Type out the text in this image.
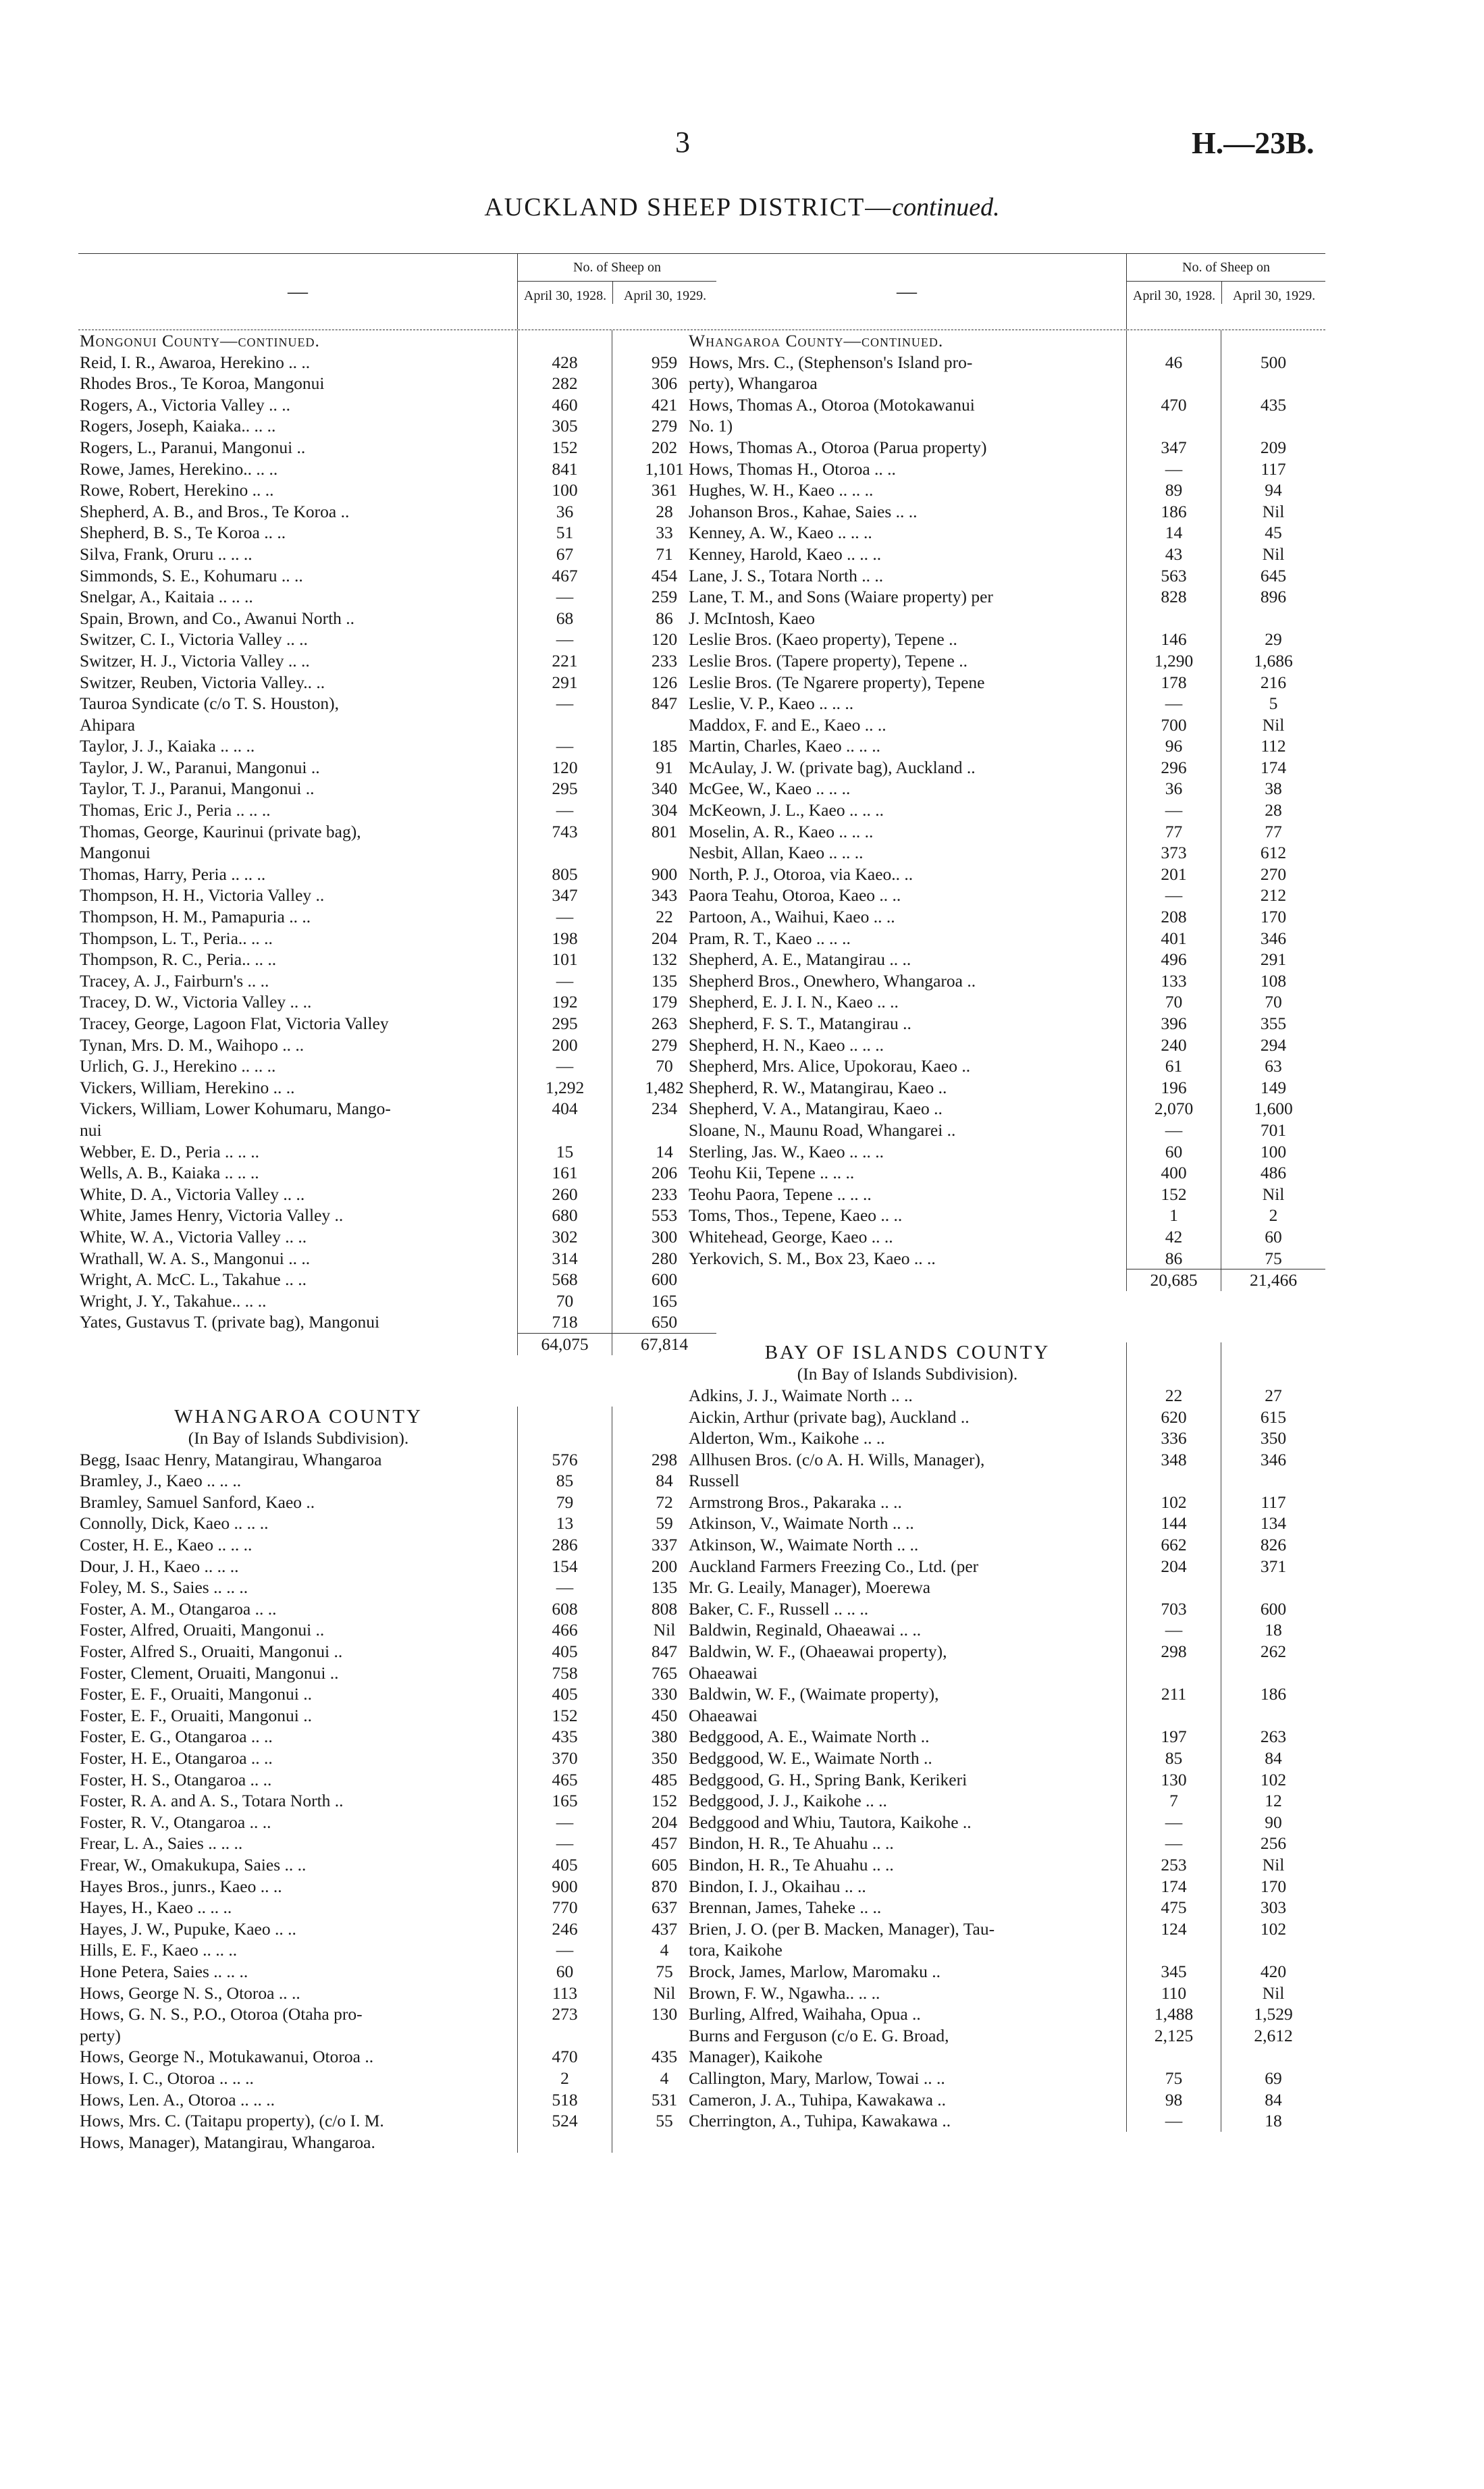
3	H.—23B.
AUCKLAND SHEEP DISTRICT—continued.
—
No. of Sheep on
April 30, 1928.	April 30, 1929.
Mongonui County—continued.
Reid, I. R., Awaroa, Herekino .. ..	428	959
Rhodes Bros., Te Koroa, Mangonui	282	306
Rogers, A., Victoria Valley .. ..	460	421
Rogers, Joseph, Kaiaka.. .. ..	305	279
Rogers, L., Paranui, Mangonui ..	152	202
Rowe, James, Herekino.. .. ..	841	1,101
Rowe, Robert, Herekino .. ..	100	361
Shepherd, A. B., and Bros., Te Koroa ..	36	28
Shepherd, B. S., Te Koroa .. ..	51	33
Silva, Frank, Oruru .. .. ..	67	71
Simmonds, S. E., Kohumaru .. ..	467	454
Snelgar, A., Kaitaia .. .. ..	—	259
Spain, Brown, and Co., Awanui North ..	68	86
Switzer, C. I., Victoria Valley .. ..	—	120
Switzer, H. J., Victoria Valley .. ..	221	233
Switzer, Reuben, Victoria Valley.. ..	291	126
Tauroa Syndicate (c/o T. S. Houston),	—	847
Ahipara
Taylor, J. J., Kaiaka .. .. ..	—	185
Taylor, J. W., Paranui, Mangonui ..	120	91
Taylor, T. J., Paranui, Mangonui ..	295	340
Thomas, Eric J., Peria .. .. ..	—	304
Thomas, George, Kaurinui (private bag),	743	801
Mangonui
Thomas, Harry, Peria .. .. ..	805	900
Thompson, H. H., Victoria Valley ..	347	343
Thompson, H. M., Pamapuria .. ..	—	22
Thompson, L. T., Peria.. .. ..	198	204
Thompson, R. C., Peria.. .. ..	101	132
Tracey, A. J., Fairburn's .. ..	—	135
Tracey, D. W., Victoria Valley .. ..	192	179
Tracey, George, Lagoon Flat, Victoria Valley	295	263
Tynan, Mrs. D. M., Waihopo .. ..	200	279
Urlich, G. J., Herekino .. .. ..	—	70
Vickers, William, Herekino .. ..	1,292	1,482
Vickers, William, Lower Kohumaru, Mango-	404	234
nui
Webber, E. D., Peria .. .. ..	15	14
Wells, A. B., Kaiaka .. .. ..	161	206
White, D. A., Victoria Valley .. ..	260	233
White, James Henry, Victoria Valley ..	680	553
White, W. A., Victoria Valley .. ..	302	300
Wrathall, W. A. S., Mangonui .. ..	314	280
Wright, A. McC. L., Takahue .. ..	568	600
Wright, J. Y., Takahue.. .. ..	70	165
Yates, Gustavus T. (private bag), Mangonui	718	650
64,075	67,814
WHANGAROA COUNTY
(In Bay of Islands Subdivision).
Begg, Isaac Henry, Matangirau, Whangaroa	576	298
Bramley, J., Kaeo .. .. ..	85	84
Bramley, Samuel Sanford, Kaeo ..	79	72
Connolly, Dick, Kaeo .. .. ..	13	59
Coster, H. E., Kaeo .. .. ..	286	337
Dour, J. H., Kaeo .. .. ..	154	200
Foley, M. S., Saies .. .. ..	—	135
Foster, A. M., Otangaroa .. ..	608	808
Foster, Alfred, Oruaiti, Mangonui ..	466	Nil
Foster, Alfred S., Oruaiti, Mangonui ..	405	847
Foster, Clement, Oruaiti, Mangonui ..	758	765
Foster, E. F., Oruaiti, Mangonui ..	405	330
Foster, E. F., Oruaiti, Mangonui ..	152	450
Foster, E. G., Otangaroa .. ..	435	380
Foster, H. E., Otangaroa .. ..	370	350
Foster, H. S., Otangaroa .. ..	465	485
Foster, R. A. and A. S., Totara North ..	165	152
Foster, R. V., Otangaroa .. ..	—	204
Frear, L. A., Saies .. .. ..	—	457
Frear, W., Omakukupa, Saies .. ..	405	605
Hayes Bros., junrs., Kaeo .. ..	900	870
Hayes, H., Kaeo .. .. ..	770	637
Hayes, J. W., Pupuke, Kaeo .. ..	246	437
Hills, E. F., Kaeo .. .. ..	—	4
Hone Petera, Saies .. .. ..	60	75
Hows, George N. S., Otoroa .. ..	113	Nil
Hows, G. N. S., P.O., Otoroa (Otaha pro-	273	130
perty)
Hows, George N., Motukawanui, Otoroa ..	470	435
Hows, I. C., Otoroa .. .. ..	2	4
Hows, Len. A., Otoroa .. .. ..	518	531
Hows, Mrs. C. (Taitapu property), (c/o I. M.	524	55
Hows, Manager), Matangirau, Whangaroa.
—
No. of Sheep on
April 30, 1928.	April 30, 1929.
Whangaroa County—continued.
Hows, Mrs. C., (Stephenson's Island pro-	46	500
perty), Whangaroa
Hows, Thomas A., Otoroa (Motokawanui	470	435
No. 1)
Hows, Thomas A., Otoroa (Parua property)	347	209
Hows, Thomas H., Otoroa .. ..	—	117
Hughes, W. H., Kaeo .. .. ..	89	94
Johanson Bros., Kahae, Saies .. ..	186	Nil
Kenney, A. W., Kaeo .. .. ..	14	45
Kenney, Harold, Kaeo .. .. ..	43	Nil
Lane, J. S., Totara North .. ..	563	645
Lane, T. M., and Sons (Waiare property) per	828	896
J. McIntosh, Kaeo
Leslie Bros. (Kaeo property), Tepene ..	146	29
Leslie Bros. (Tapere property), Tepene ..	1,290	1,686
Leslie Bros. (Te Ngarere property), Tepene	178	216
Leslie, V. P., Kaeo .. .. ..	—	5
Maddox, F. and E., Kaeo .. ..	700	Nil
Martin, Charles, Kaeo .. .. ..	96	112
McAulay, J. W. (private bag), Auckland ..	296	174
McGee, W., Kaeo .. .. ..	36	38
McKeown, J. L., Kaeo .. .. ..	—	28
Moselin, A. R., Kaeo .. .. ..	77	77
Nesbit, Allan, Kaeo .. .. ..	373	612
North, P. J., Otoroa, via Kaeo.. ..	201	270
Paora Teahu, Otoroa, Kaeo .. ..	—	212
Partoon, A., Waihui, Kaeo .. ..	208	170
Pram, R. T., Kaeo .. .. ..	401	346
Shepherd, A. E., Matangirau .. ..	496	291
Shepherd Bros., Onewhero, Whangaroa ..	133	108
Shepherd, E. J. I. N., Kaeo .. ..	70	70
Shepherd, F. S. T., Matangirau ..	396	355
Shepherd, H. N., Kaeo .. .. ..	240	294
Shepherd, Mrs. Alice, Upokorau, Kaeo ..	61	63
Shepherd, R. W., Matangirau, Kaeo ..	196	149
Shepherd, V. A., Matangirau, Kaeo ..	2,070	1,600
Sloane, N., Maunu Road, Whangarei ..	—	701
Sterling, Jas. W., Kaeo .. .. ..	60	100
Teohu Kii, Tepene .. .. ..	400	486
Teohu Paora, Tepene .. .. ..	152	Nil
Toms, Thos., Tepene, Kaeo .. ..	1	2
Whitehead, George, Kaeo .. ..	42	60
Yerkovich, S. M., Box 23, Kaeo .. ..	86	75
20,685	21,466
BAY OF ISLANDS COUNTY
(In Bay of Islands Subdivision).
Adkins, J. J., Waimate North .. ..	22	27
Aickin, Arthur (private bag), Auckland ..	620	615
Alderton, Wm., Kaikohe .. ..	336	350
Allhusen Bros. (c/o A. H. Wills, Manager),	348	346
Russell
Armstrong Bros., Pakaraka .. ..	102	117
Atkinson, V., Waimate North .. ..	144	134
Atkinson, W., Waimate North .. ..	662	826
Auckland Farmers Freezing Co., Ltd. (per	204	371
Mr. G. Leaily, Manager), Moerewa
Baker, C. F., Russell .. .. ..	703	600
Baldwin, Reginald, Ohaeawai .. ..	—	18
Baldwin, W. F., (Ohaeawai property),	298	262
Ohaeawai
Baldwin, W. F., (Waimate property),	211	186
Ohaeawai
Bedggood, A. E., Waimate North ..	197	263
Bedggood, W. E., Waimate North ..	85	84
Bedggood, G. H., Spring Bank, Kerikeri	130	102
Bedggood, J. J., Kaikohe .. ..	7	12
Bedggood and Whiu, Tautora, Kaikohe ..	—	90
Bindon, H. R., Te Ahuahu .. ..	—	256
Bindon, H. R., Te Ahuahu .. ..	253	Nil
Bindon, I. J., Okaihau .. ..	174	170
Brennan, James, Taheke .. ..	475	303
Brien, J. O. (per B. Macken, Manager), Tau-	124	102
tora, Kaikohe
Brock, James, Marlow, Maromaku ..	345	420
Brown, F. W., Ngawha.. .. ..	110	Nil
Burling, Alfred, Waihaha, Opua ..	1,488	1,529
Burns and Ferguson (c/o E. G. Broad,	2,125	2,612
Manager), Kaikohe
Callington, Mary, Marlow, Towai .. ..	75	69
Cameron, J. A., Tuhipa, Kawakawa ..	98	84
Cherrington, A., Tuhipa, Kawakawa ..	—	18
